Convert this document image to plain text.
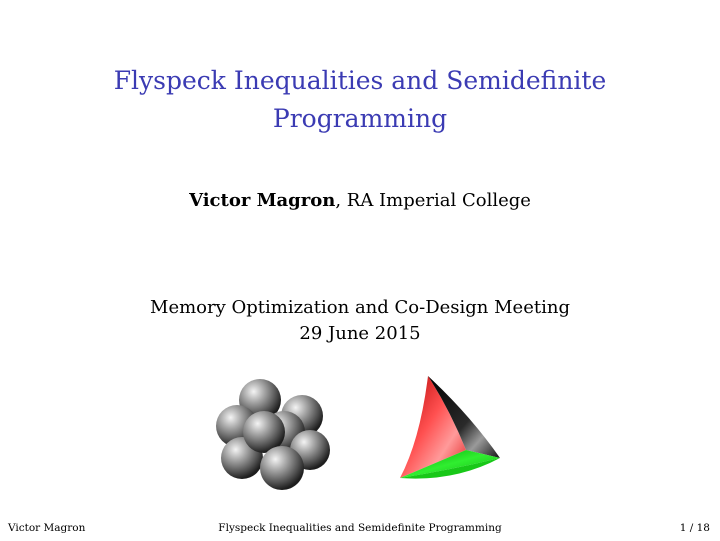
Flyspeck Inequalities and Semidefinite
Programming
Victor Magron, RA Imperial College
Memory Optimization and Co-Design Meeting
29 June 2015
Victor Magron	Flyspeck Inequalities and Semidefinite Programming	1 / 18
